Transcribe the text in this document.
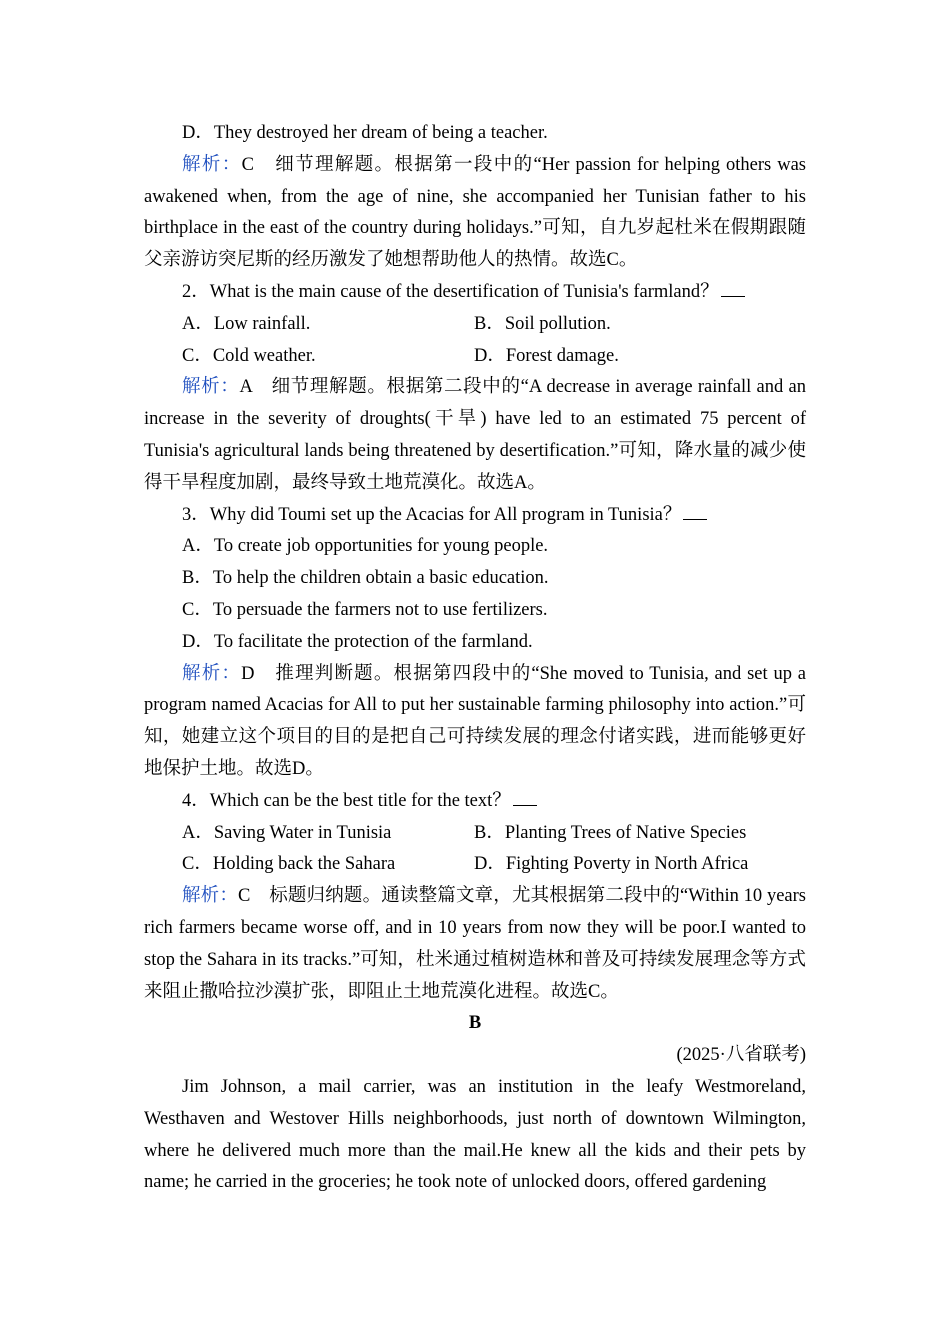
D．They destroyed her dream of being a teacher.

解析：C　细节理解题。根据第一段中的“Her passion for helping others was awakened when, from the age of nine, she accompanied her Tunisian father to his birthplace in the east of the country during holidays.”可知，自九岁起杜米在假期跟随父亲游访突尼斯的经历激发了她想帮助他人的热情。故选C。

2．What is the main cause of the desertification of Tunisia's farmland？

A．Low rainfall.	B．Soil pollution.
C．Cold weather.	D．Forest damage.

解析：A　细节理解题。根据第二段中的“A decrease in average rainfall and an increase in the severity of droughts(干旱) have led to an estimated 75 percent of Tunisia's agricultural lands being threatened by desertification.”可知，降水量的减少使得干旱程度加剧，最终导致土地荒漠化。故选A。

3．Why did Toumi set up the Acacias for All program in Tunisia？

A．To create job opportunities for young people.

B．To help the children obtain a basic education.

C．To persuade the farmers not to use fertilizers.

D．To facilitate the protection of the farmland.

解析：D　推理判断题。根据第四段中的“She moved to Tunisia, and set up a program named Acacias for All to put her sustainable farming philosophy into action.”可知，她建立这个项目的目的是把自己可持续发展的理念付诸实践，进而能够更好地保护土地。故选D。

4．Which can be the best title for the text？

A．Saving Water in Tunisia	B．Planting Trees of Native Species
C．Holding back the Sahara	D．Fighting Poverty in North Africa

解析：C　标题归纳题。通读整篇文章，尤其根据第二段中的“Within 10 years rich farmers became worse off, and in 10 years from now they will be poor.I wanted to stop the Sahara in its tracks.”可知，杜米通过植树造林和普及可持续发展理念等方式来阻止撒哈拉沙漠扩张，即阻止土地荒漠化进程。故选C。

B

(2025·八省联考)

Jim Johnson, a mail carrier, was an institution in the leafy Westmoreland, Westhaven and Westover Hills neighborhoods, just north of downtown Wilmington, where he delivered much more than the mail.He knew all the kids and their pets by name; he carried in the groceries; he took note of unlocked doors, offered gardening
